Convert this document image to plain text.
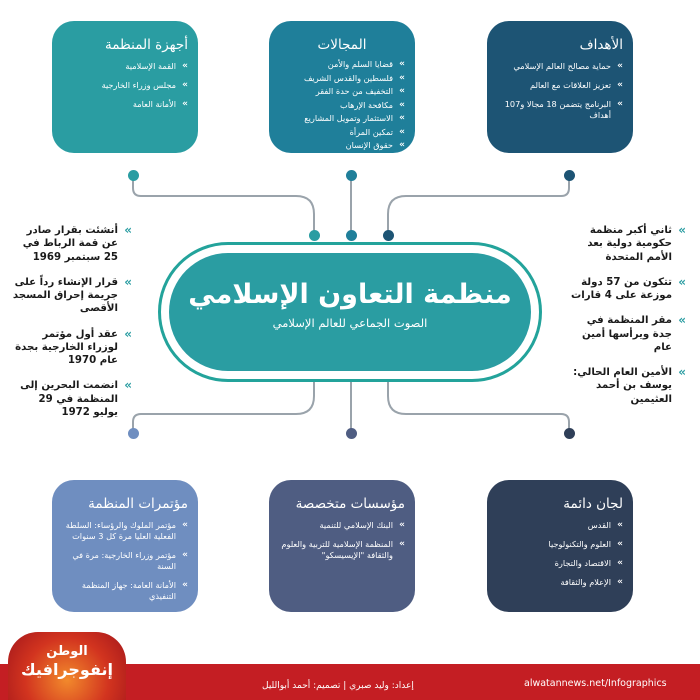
أجهزة المنظمة
» القمة الإسلامية
» مجلس وزراء الخارجية
» الأمانة العامة
المجالات
» قضايا السلم والأمن
» فلسطين والقدس الشريف
» التخفيف من حدة الفقر
» مكافحة الإرهاب
» الاستثمار وتمويل المشاريع
» تمكين المرأة
» حقوق الإنسان
الأهداف
» حماية مصالح العالم الإسلامي
» تعزيز العلاقات مع العالم
» البرنامج يتضمن 18 مجالا و107 أهداف
منظمة التعاون الإسلامي
الصوت الجماعي للعالم الإسلامي

» أنشئت بقرار صادر عن قمة الرباط في 25 سبتمبر 1969

» قرار الإنشاء رداً على جريمة إحراق المسجد الأقصى

» عقد أول مؤتمر لوزراء الخارجية بجدة عام 1970

» انضمت البحرين إلى المنظمة في 29 يوليو 1972

» ثاني أكبر منظمة حكومية دولية بعد الأمم المتحدة

» تتكون من 57 دولة موزعة على 4 قارات

» مقر المنظمة في جدة ويرأسها أمين عام

» الأمين العام الحالي: يوسف بن أحمد العثيمين

مؤتمرات المنظمة
» مؤتمر الملوك والرؤساء: السلطة الفعلية العليا مرة كل 3 سنوات
» مؤتمر وزراء الخارجية: مرة في السنة
» الأمانة العامة: جهاز المنظمة التنفيذي
مؤسسات متخصصة
» البنك الإسلامي للتنمية
» المنظمة الإسلامية للتربية والعلوم والثقافة "الإيسيسكو"
لجان دائمة
» القدس
» العلوم والتكنولوجيا
» الاقتصاد والتجارة
» الإعلام والثقافة
الوطن
إنفوجرافيك
إعداد: وليد صبري | تصميم: أحمد أبوالليل	alwatannews.net/Infographics
